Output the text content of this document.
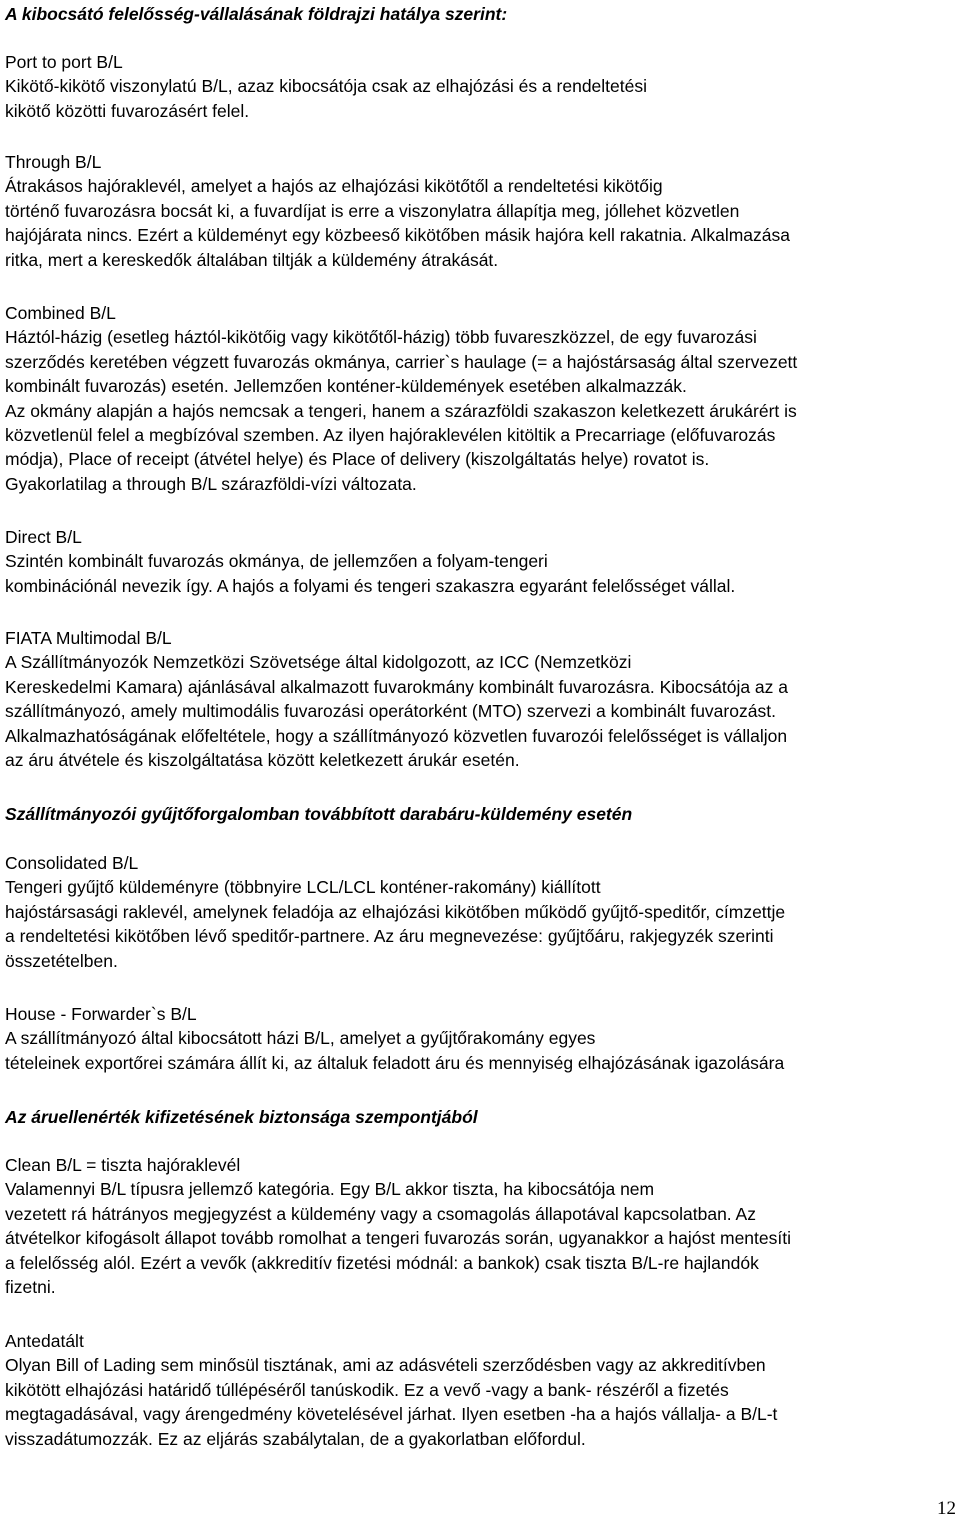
A kibocsátó felelősség-vállalásának földrajzi hatálya szerint:
Port to port B/L
Kikötő-kikötő viszonylatú B/L, azaz kibocsátója csak az elhajózási és a rendeltetési
kikötő közötti fuvarozásért felel.
Through B/L
Átrakásos hajóraklevél, amelyet a hajós az elhajózási kikötőtől a rendeltetési kikötőig
történő fuvarozásra bocsát ki, a fuvardíjat is erre a viszonylatra állapítja meg, jóllehet közvetlen
hajójárata nincs. Ezért a küldeményt egy közbeeső kikötőben másik hajóra kell rakatnia. Alkalmazása
ritka, mert a kereskedők általában tiltják a küldemény átrakását.
Combined B/L
Háztól-házig (esetleg háztól-kikötőig vagy kikötőtől-házig) több fuvareszközzel, de egy fuvarozási
szerződés keretében végzett fuvarozás okmánya, carrier`s haulage (= a hajóstársaság által szervezett
kombinált fuvarozás) esetén. Jellemzően konténer-küldemények esetében alkalmazzák.
Az okmány alapján a hajós nemcsak a tengeri, hanem a szárazföldi szakaszon keletkezett árukárért is
közvetlenül felel a megbízóval szemben. Az ilyen hajóraklevélen kitöltik a Precarriage (előfuvarozás
módja), Place of receipt (átvétel helye) és Place of delivery (kiszolgáltatás helye) rovatot is.
Gyakorlatilag a through B/L szárazföldi-vízi változata.
Direct B/L
Szintén kombinált fuvarozás okmánya, de jellemzően a folyam-tengeri
kombinációnál nevezik így. A hajós a folyami és tengeri szakaszra egyaránt felelősséget vállal.
FIATA Multimodal B/L
A Szállítmányozók Nemzetközi Szövetsége által kidolgozott, az ICC (Nemzetközi
Kereskedelmi Kamara) ajánlásával alkalmazott fuvarokmány kombinált fuvarozásra. Kibocsátója az a
szállítmányozó, amely multimodális fuvarozási operátorként (MTO) szervezi a kombinált fuvarozást.
Alkalmazhatóságának előfeltétele, hogy a szállítmányozó közvetlen fuvarozói felelősséget is vállaljon
az áru átvétele és kiszolgáltatása között keletkezett árukár esetén.
Szállítmányozói gyűjtőforgalomban továbbított darabáru-küldemény esetén
Consolidated B/L
Tengeri gyűjtő küldeményre (többnyire LCL/LCL konténer-rakomány) kiállított
hajóstársasági raklevél, amelynek feladója az elhajózási kikötőben működő gyűjtő-speditőr, címzettje
a rendeltetési kikötőben lévő speditőr-partnere. Az áru megnevezése: gyűjtőáru, rakjegyzék szerinti
összetételben.
House - Forwarder`s B/L
A szállítmányozó által kibocsátott házi B/L, amelyet a gyűjtőrakomány egyes
tételeinek exportőrei számára állít ki, az általuk feladott áru és mennyiség elhajózásának igazolására
Az áruellenérték kifizetésének biztonsága szempontjából
Clean B/L = tiszta hajóraklevél
Valamennyi B/L típusra jellemző kategória. Egy B/L akkor tiszta, ha kibocsátója nem
vezetett rá hátrányos megjegyzést a küldemény vagy a csomagolás állapotával kapcsolatban. Az
átvételkor kifogásolt állapot tovább romolhat a tengeri fuvarozás során, ugyanakkor a hajóst mentesíti
a felelősség alól. Ezért a vevők (akkreditív fizetési módnál: a bankok) csak tiszta B/L-re hajlandók
fizetni.
Antedatált
Olyan Bill of Lading sem minősül tisztának, ami az adásvételi szerződésben vagy az akkreditívben
kikötött elhajózási határidő túllépéséről tanúskodik. Ez a vevő -vagy a bank- részéről a fizetés
megtagadásával, vagy árengedmény követelésével járhat. Ilyen esetben -ha a hajós vállalja- a B/L-t
visszadátumozzák. Ez az eljárás szabálytalan, de a gyakorlatban előfordul.
12
